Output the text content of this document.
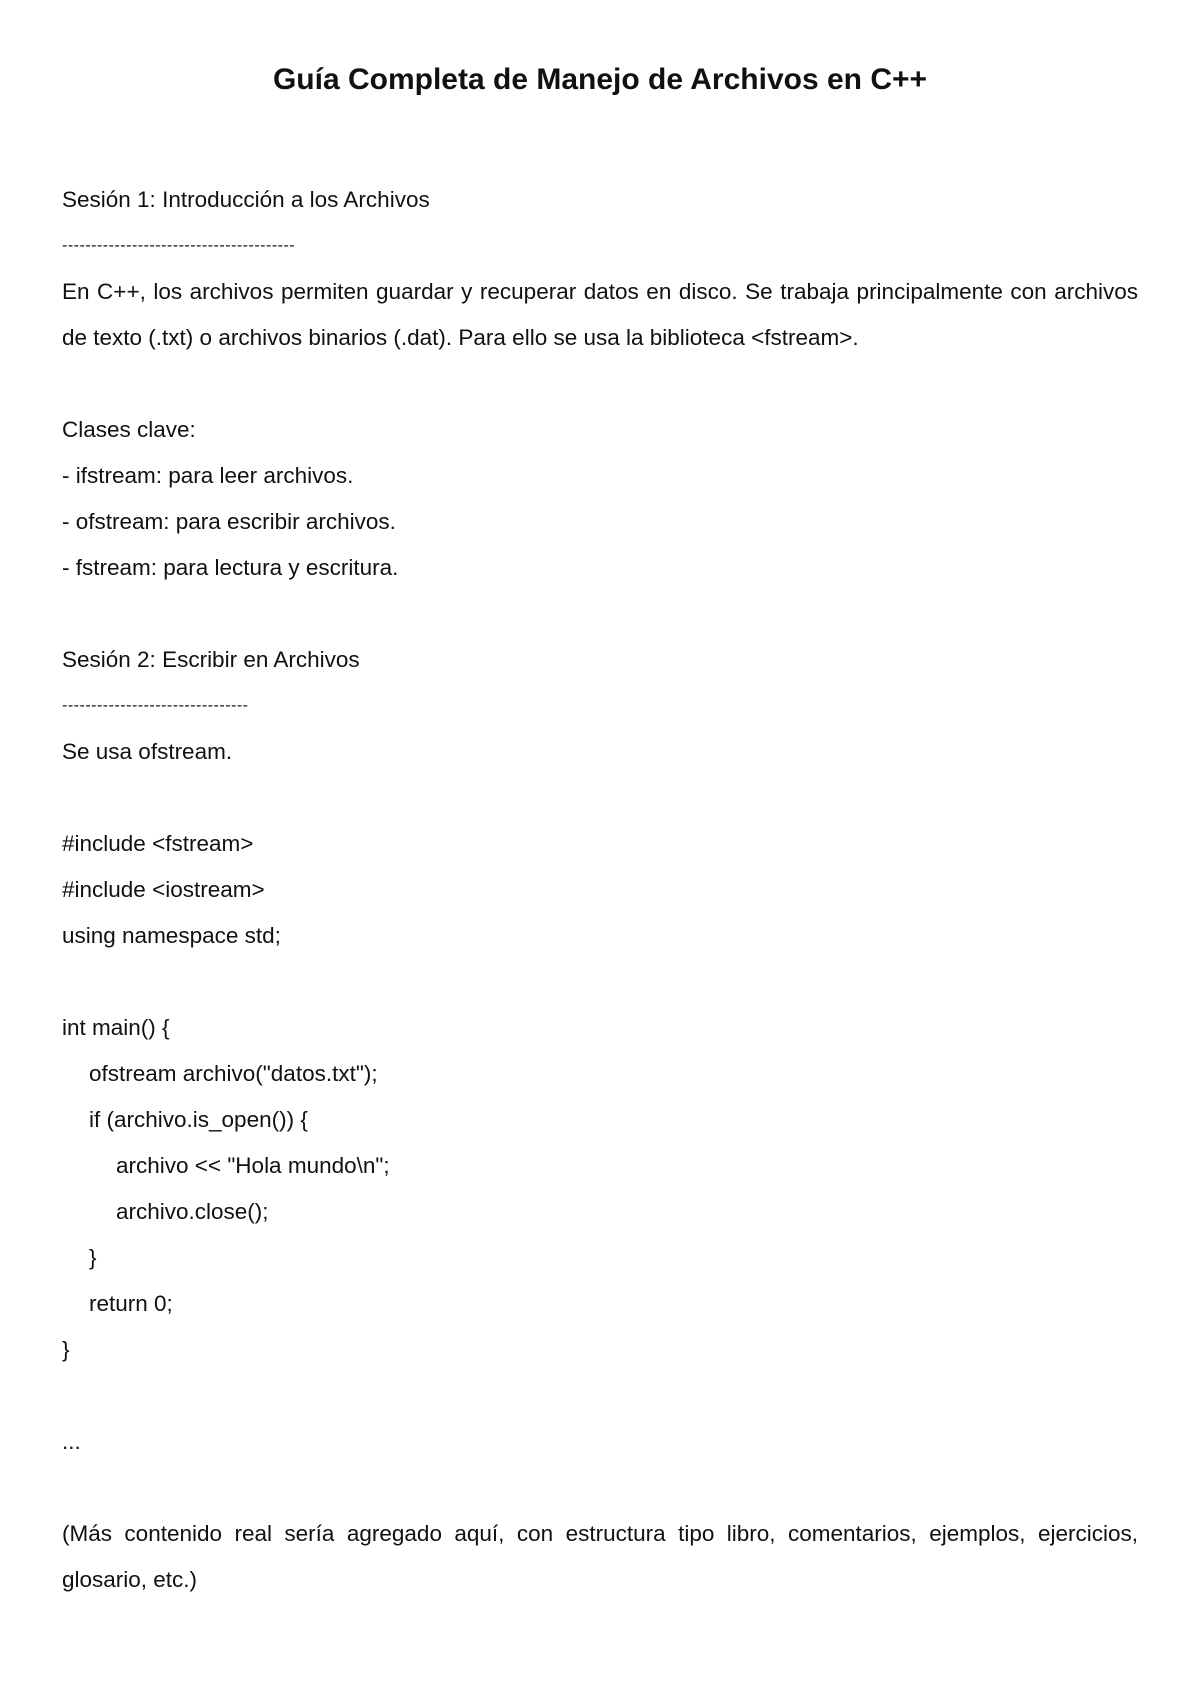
Guía Completa de Manejo de Archivos en C++
Sesión 1: Introducción a los Archivos
----------------------------------------
En C++, los archivos permiten guardar y recuperar datos en disco. Se trabaja principalmente con archivos de texto (.txt) o archivos binarios (.dat). Para ello se usa la biblioteca <fstream>.
Clases clave:
- ifstream: para leer archivos.
- ofstream: para escribir archivos.
- fstream: para lectura y escritura.
Sesión 2: Escribir en Archivos
--------------------------------
Se usa ofstream.
#include <fstream>
#include <iostream>
using namespace std;
int main() {
ofstream archivo("datos.txt");
if (archivo.is_open()) {
archivo << "Hola mundo\n";
archivo.close();
}
return 0;
}
...
(Más contenido real sería agregado aquí, con estructura tipo libro, comentarios, ejemplos, ejercicios, glosario, etc.)
